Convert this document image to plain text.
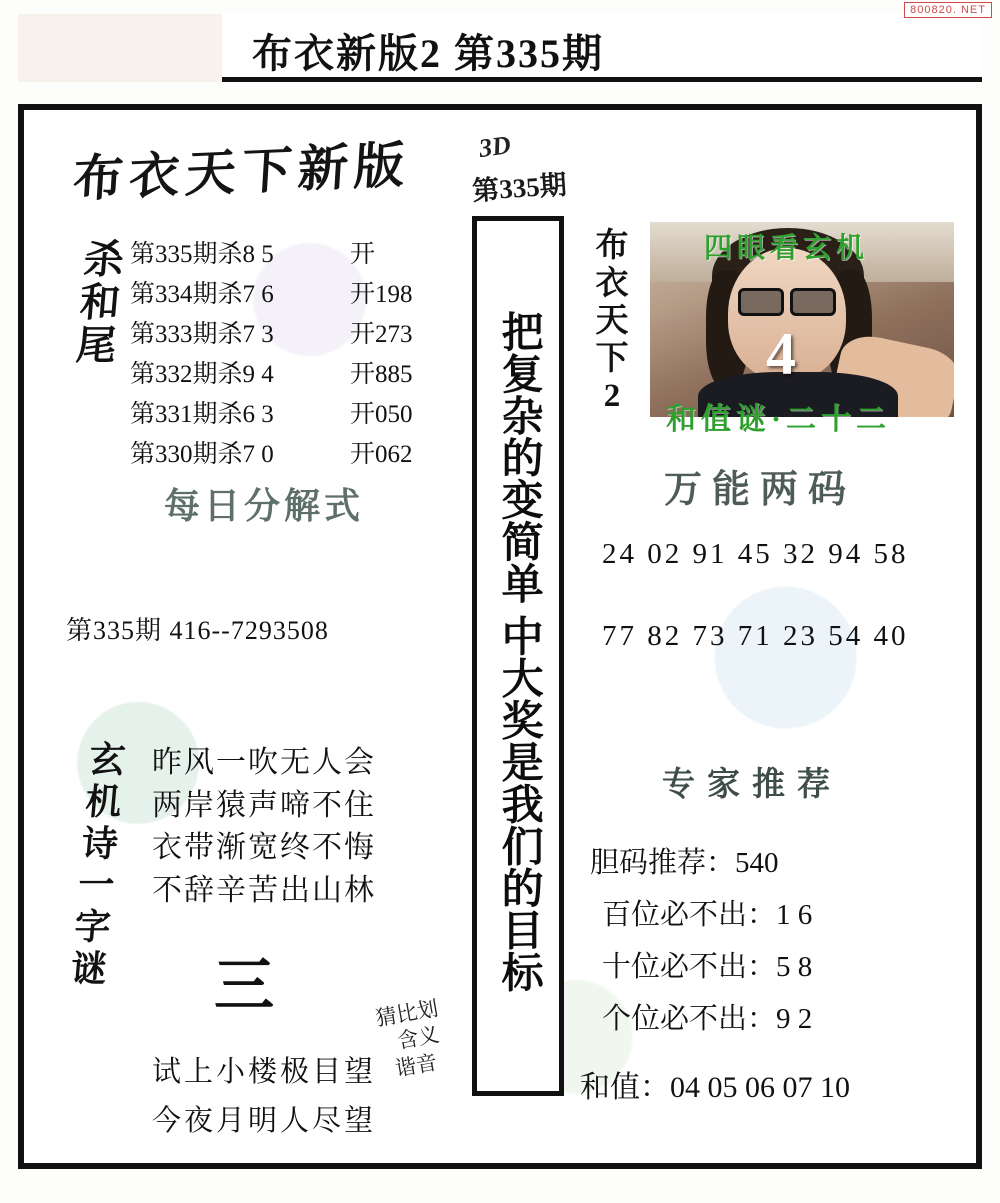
800820. NET
布衣新版2 第335期
布衣天下新版 3D
第335期
杀和尾
第335期杀8 5	开
第334期杀7 6	开198
第333期杀7 3	开273
第332期杀9 4	开885
第331期杀6 3	开050
第330期杀7 0	开062
每日分解式
第335期 416--7293508
玄机诗一字谜
昨风一吹无人会
两岸猿声啼不住
衣带渐宽终不悔
不辞辛苦出山林
三	猜比划
含义
谐音
试上小楼极目望
今夜月明人尽望
把复杂的变简单 中大奖是我们的目标
布衣天下2
四眼看玄机
4
和值谜·二十二
万能两码
24 02 91 45 32 94 58
77 82 73 71 23 54 40
专家推荐
胆码推荐：540
百位必不出：1 6
十位必不出：5 8
个位必不出：9 2
和值：04 05 06 07 10
